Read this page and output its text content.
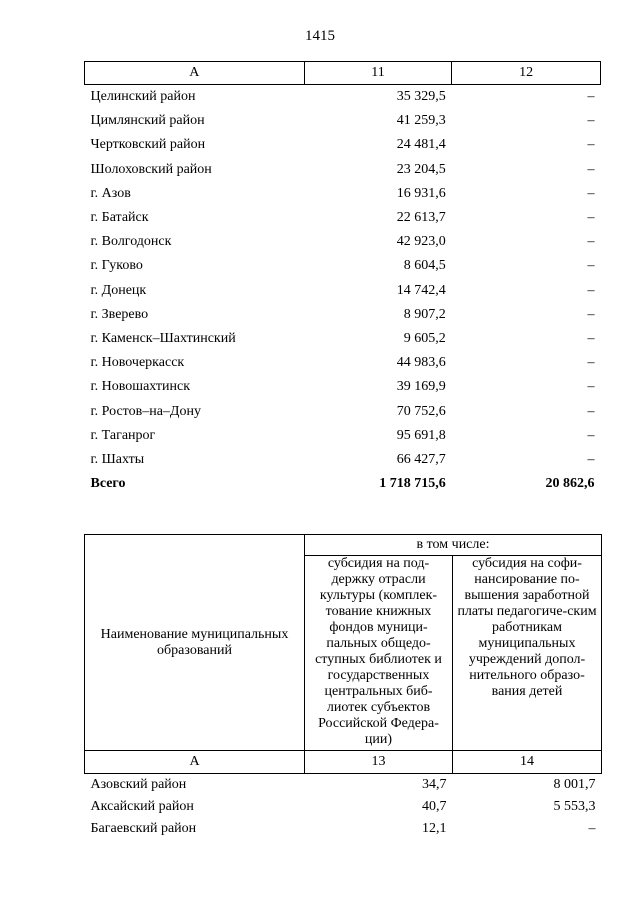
1415
А	11	12
Целинский район	35 329,5	–
Цимлянский район	41 259,3	–
Чертковский район	24 481,4	–
Шолоховский район	23 204,5	–
г. Азов	16 931,6	–
г. Батайск	22 613,7	–
г. Волгодонск	42 923,0	–
г. Гуково	8 604,5	–
г. Донецк	14 742,4	–
г. Зверево	8 907,2	–
г. Каменск–Шахтинский	9 605,2	–
г. Новочеркасск	44 983,6	–
г. Новошахтинск	39 169,9	–
г. Ростов–на–Дону	70 752,6	–
г. Таганрог	95 691,8	–
г. Шахты	66 427,7	–
Всего	1 718 715,6	20 862,6
Наименование муниципальных образований	в том числе:	
	субсидия на под-держку отрасли культуры (комплек-тование книжных фондов муници-пальных общедо-ступных библиотек и государственных центральных биб-лиотек субъектов Российской Федера-ции)	субсидия на софи-нансирование по-вышения заработной платы педагогиче-ским работникам муниципальных учреждений допол-нительного образо-вания детей
А	13	14
Азовский район	34,7	8 001,7
Аксайский район	40,7	5 553,3
Багаевский район	12,1	–
